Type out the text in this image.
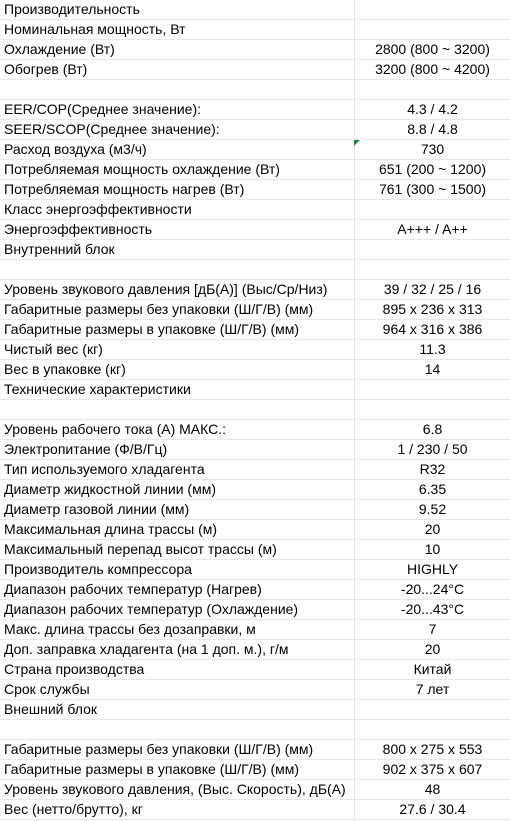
Производительность
Номинальная мощность, Вт
Охлаждение (Вт)	2800 (800 ~ 3200)
Обогрев (Вт)	3200 (800 ~ 4200)
EER/COP(Среднее значение):	4.3 / 4.2
SEER/SCOP(Среднее значение):	8.8 / 4.8
Расход воздуха (м3/ч)	730
Потребляемая мощность охлаждение (Вт)	651 (200 ~ 1200)
Потребляемая мощность нагрев (Вт)	761 (300 ~ 1500)
Класс энергоэффективности
Энергоэффективность	A+++ / A++
Внутренний блок
Уровень звукового давления [дБ(А)] (Выс/Ср/Низ)	39 / 32 / 25 / 16
Габаритные размеры без упаковки (Ш/Г/В) (мм)	895 x 236 x 313
Габаритные размеры в упаковке (Ш/Г/В) (мм)	964 x 316 x 386
Чистый вес (кг)	11.3
Вес в упаковке (кг)	14
Технические характеристики
Уровень рабочего тока (А) МАКС.:	6.8
Электропитание (Ф/В/Гц)	1 / 230 / 50
Тип используемого хладагента	R32
Диаметр жидкостной линии (мм)	6.35
Диаметр газовой линии (мм)	9.52
Максимальная длина трассы (м)	20
Максимальный перепад высот трассы (м)	10
Производитель компрессора	HIGHLY
Диапазон рабочих температур (Нагрев)	-20...24°C
Диапазон рабочих температур (Охлаждение)	-20...43°C
Макс. длина трассы без дозаправки, м	7
Доп. заправка хладагента (на 1 доп. м.), г/м	20
Страна производства	Китай
Срок службы	7 лет
Внешний блок
Габаритные размеры без упаковки (Ш/Г/В) (мм)	800 x 275 x 553
Габаритные размеры в упаковке (Ш/Г/В) (мм)	902 x 375 x 607
Уровень звукового давления, (Выс. Скорость), дБ(А)	48
Вес (нетто/брутто), кг	27.6 / 30.4
